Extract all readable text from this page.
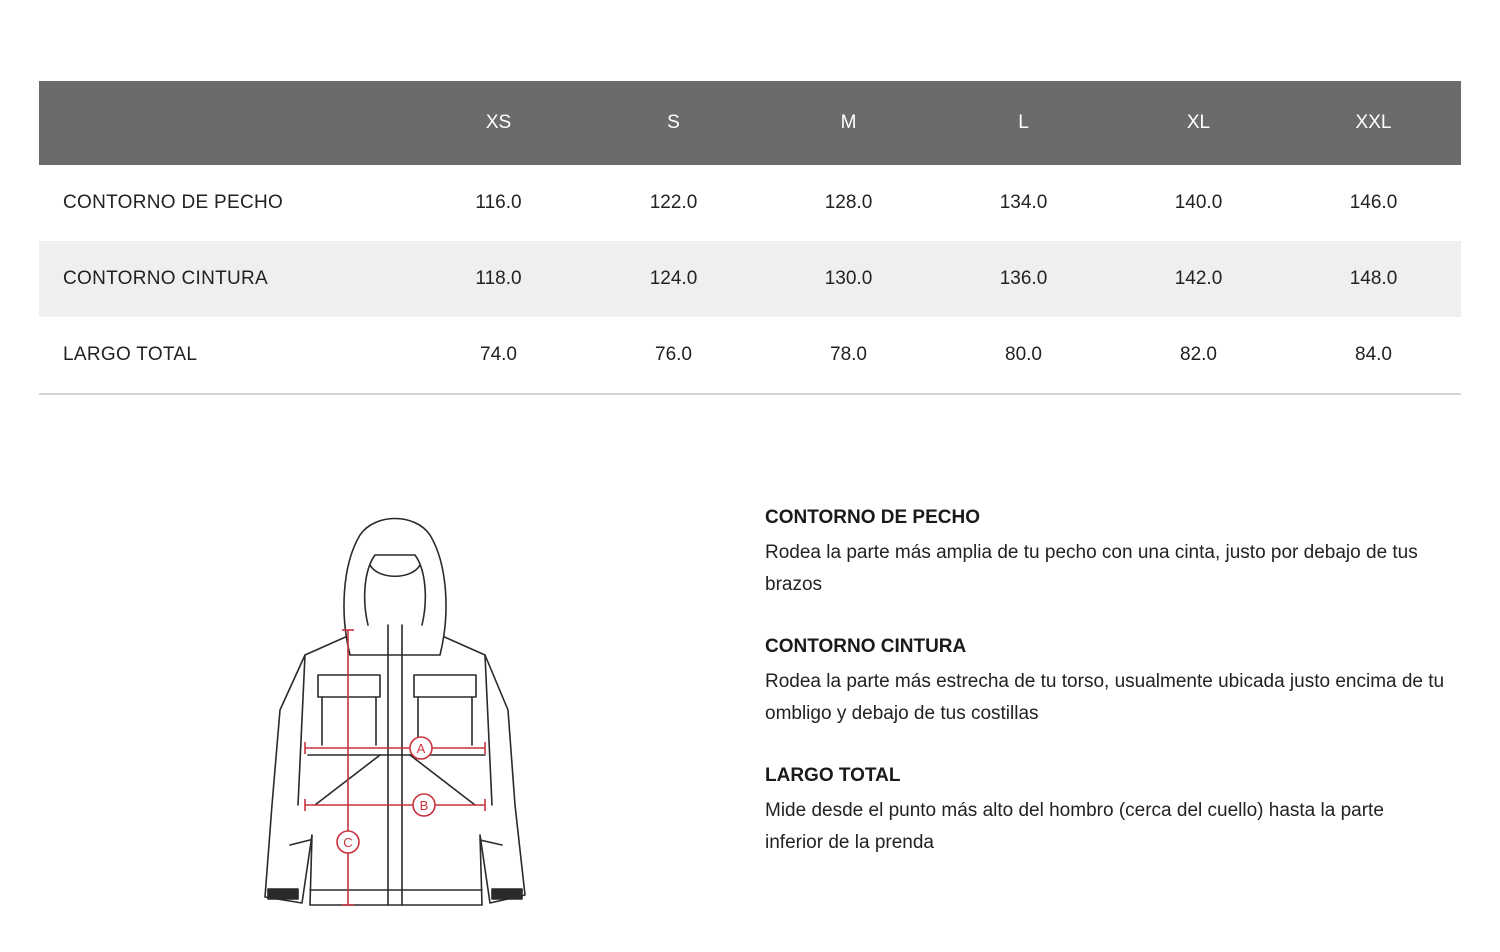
	XS	S	M	L	XL	XXL
CONTORNO DE PECHO	116.0	122.0	128.0	134.0	140.0	146.0
CONTORNO CINTURA	118.0	124.0	130.0	136.0	142.0	148.0
LARGO TOTAL	74.0	76.0	78.0	80.0	82.0	84.0
A
B
C

CONTORNO DE PECHO

Rodea la parte más amplia de tu pecho con una cinta, justo por debajo de tus brazos

CONTORNO CINTURA

Rodea la parte más estrecha de tu torso, usualmente ubicada justo encima de tu ombligo y debajo de tus costillas

LARGO TOTAL

Mide desde el punto más alto del hombro (cerca del cuello) hasta la parte inferior de la prenda
